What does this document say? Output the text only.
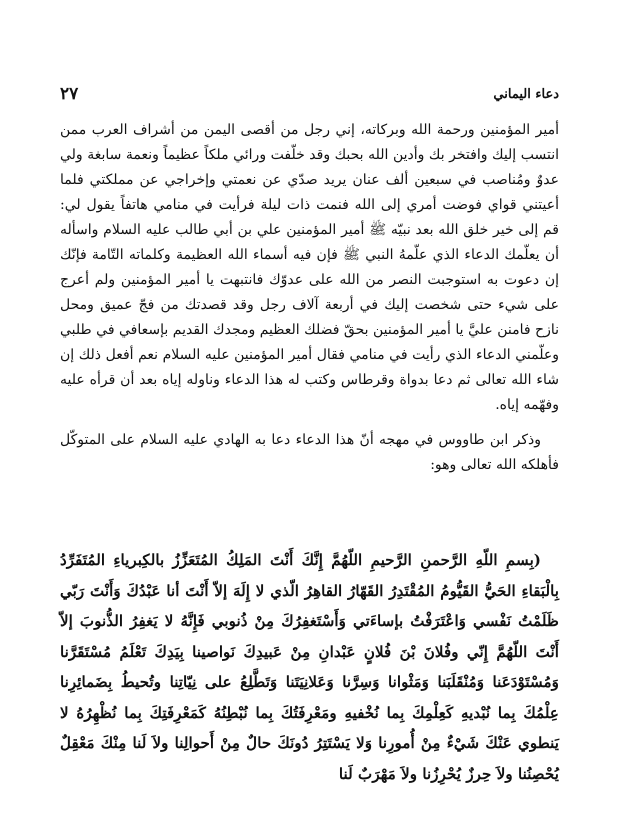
٢٧	دعاء اليماني

أمير المؤمنين ورحمة الله وبركاته، إني رجل من أقصى اليمن من أشراف العرب ممن انتسب إليك وافتخر بك وأدين الله بحبك وقد خلّفت ورائي ملكاً عظيماً ونعمة سابغة ولي عدوٌ ومُناصب في سبعين ألف عنان يريد صدّي عن نعمتي وإخراجي عن مملكتي فلما أعيتني قواي فوضت أمري إلى الله فنمت ذات ليلة فرأيت في منامي هاتفاً يقول لي: قم إلى خير خلق الله بعد نبيّه ﷺ أمير المؤمنين علي بن أبي طالب عليه السلام واسأله أن يعلّمك الدعاء الذي علّمهُ النبي ﷺ فإن فيه أسماء الله العظيمة وكلماته التّامة فإنّك إن دعوت به استوجبت النصر من الله على عدوّك فانتبهت يا أمير المؤمنين ولم أعرج على شيء حتى شخصت إليك في أربعة آلاف رجل وقد قصدتك من فجّ عميق ومحل نازح فامنن عليَّ يا أمير المؤمنين بحقّ فضلك العظيم ومجدك القديم بإسعافي في طلبي وعلّمني الدعاء الذي رأيت في منامي فقال أمير المؤمنين عليه السلام نعم أفعل ذلك إن شاء الله تعالى ثم دعا بدواة وقرطاس وكتب له هذا الدعاء وناوله إياه بعد أن قرأه عليه وفهّمه إياه.

وذكر ابن طاووس في مهجه أنّ هذا الدعاء دعا به الهادي عليه السلام على المتوكّل فأهلكه الله تعالى وهو:

(بِسمِ اللّهِ الرَّحمنِ الرَّحيمِ اللّهُمَّ إِنَّكَ أَنْتَ المَلِكُ المُتَعَزِّزُ بالكِبرياءِ المُتَفَرِّدُ بِالْبَقاءِ الحَيُّ القَيُّومُ المُقْتَدِرُ القَهّارُ القاهِرُ الّذي لا إِلَهَ إلاّ أَنْتَ أنا عَبْدُكَ وَأَنْتَ رَبّي ظَلَمْتُ نَفْسي وَاعْتَرَفْتُ بإساءَتي وَأَسْتَغفِرُكَ مِنْ ذُنوبي فَإِنَّهُ لا يَغفِرُ الذُّنوبَ إلاّ أَنْتَ اللّهُمَّ إِنّي وفُلانَ بْنَ فُلانٍ عَبْدانِ مِنْ عَبيدِكَ نَواصينا بِيَدِكَ تَعْلَمُ مُسْتَقَرَّنا وَمُسْتَوْدَعَنا وَمُنْقَلَبَنا وَمَثْوانا وَسِرَّنا وَعَلانِيَتَنا وَتَطَّلِعُ على نِيّاتِنا وتُحيطُ بِضَمائِرِنا عِلْمُكَ بِما نُبْديهِ كَعِلْمِكَ بِما نُخْفيهِ ومَعْرِفَتُكَ بِما نُبْطِنُهُ كَمَعْرِفَتِكَ بِما نُظْهِرُهُ لا يَنطوي عَنْكَ شَيْءٌ مِنْ أُمورِنا وَلا يَسْتَتِرُ دُونَكَ حالٌ مِنْ أَحوالِنا ولاَ لَنا مِنْكَ مَعْقِلٌ يُحْصِنُنا ولاَ حِرزٌ يُحْرِزُنا ولاَ مَهْرَبٌ لَنا
